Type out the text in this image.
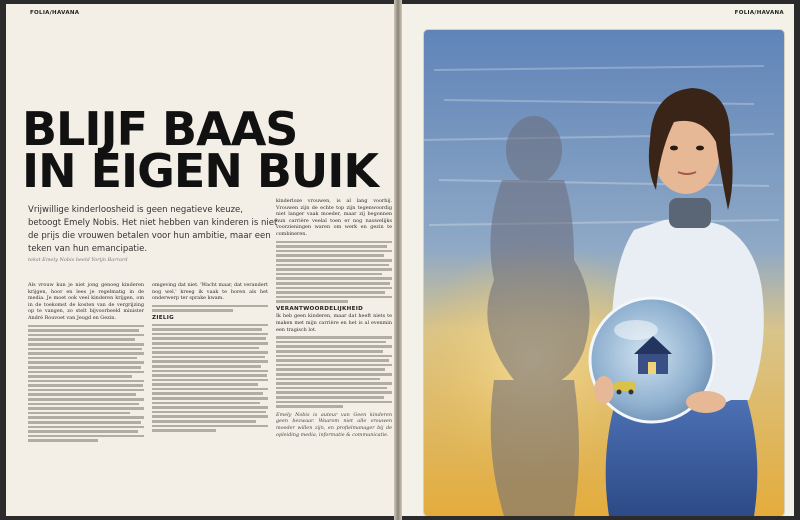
FOLIA/HAVANA
BLIJF BAAS
IN EIGEN BUIK
Vrijwillige kinderloosheid is geen negatieve keuze, betoogt Emely Nobis. Het niet hebben van kinderen is niet de prijs die vrouwen betalen voor hun ambitie, maar een teken van hun emancipatie.
tekst Emely Nobis beeld Yorijn Barrard

Als vrouw kun je niet jong genoeg kinderen krijgen, hoor en lees je regelmatig in de media. Je moet ook veel kinderen krijgen, om in de toekomst de kosten van de vergrijzing op te vangen, zo stelt bijvoorbeeld minister André Rouvoet van Jeugd en Gezin.

omgeving dat niet. 'Wacht maar, dat verandert nog wel,' kreeg ik vaak te horen als het onderwerp ter sprake kwam.

ZIELIG

kinderloze vrouwen, is al lang voorbij. Vrouwen zijn de echte top zijn tegenwoordig niet langer vaak moeder, maar zij begonnen hun carrière veelal toen er nog nauwelijks voorzieningen waren om werk en gezin te combineren.

VERANTWOORDELIJKHEID

Ik heb geen kinderen, maar dat heeft niets te maken met mijn carrière en het is al evenmin een tragisch lot.

Emely Nobis is auteur van Geen kinderen geen bezwaar. Waarom niet alle vrouwen moeder willen zijn, en profielmanager bij de opleiding media, informatie & communicatie.

FOLIA/HAVANA
